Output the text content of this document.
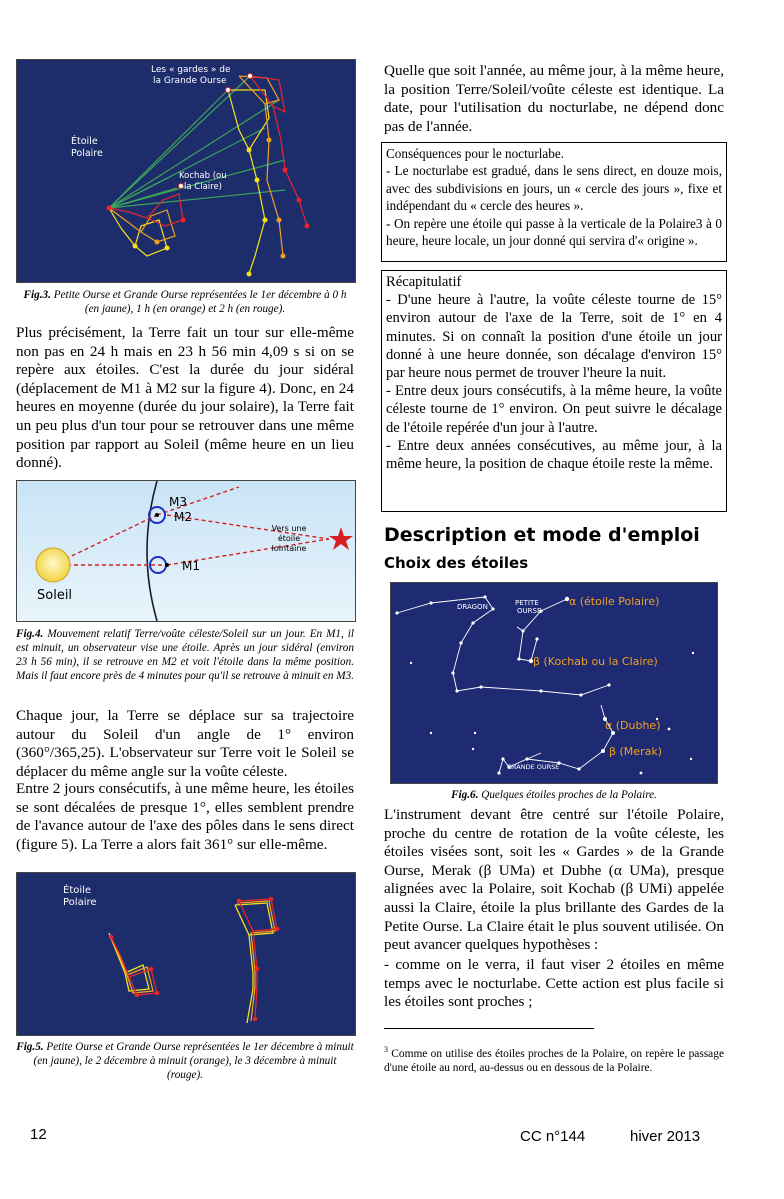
Les « gardes » de
la Grande Ourse
Étoile
Polaire
Kochab (ou
la Claire)

Fig.3. Petite Ourse et Grande Ourse représentées le 1er décembre à 0 h (en jaune), 1 h (en orange) et 2 h (en rouge).

Plus précisément, la Terre fait un tour sur elle-même non pas en 24 h mais en 23 h 56 min 4,09 s si on se repère aux étoiles. C'est la durée du jour sidéral (déplacement de M1 à M2 sur la figure 4). Donc, en 24 heures en moyenne (durée du jour solaire), la Terre fait un peu plus d'un tour pour se retrouver dans une même position par rapport au Soleil (même heure en un lieu donné).

Soleil
M3
M2
M1
Vers une
étoile
lointaine

Fig.4. Mouvement relatif Terre/voûte céleste/Soleil sur un jour. En M1, il est minuit, un observateur vise une étoile. Après un jour sidéral (environ 23 h 56 min), il se retrouve en M2 et voit l'étoile dans la même position. Mais il faut encore près de 4 minutes pour qu'il se retrouve à minuit en M3.

Chaque jour, la Terre se déplace sur sa trajectoire autour du Soleil d'un angle de 1° environ (360°/365,25). L'observateur sur Terre voit le Soleil se déplacer du même angle sur la voûte céleste.

Entre 2 jours consécutifs, à une même heure, les étoiles se sont décalées de presque 1°, elles semblent prendre de l'avance autour de l'axe des pôles dans le sens direct (figure 5). La Terre a alors fait 361° sur elle-même.

Étoile
Polaire

Fig.5. Petite Ourse et Grande Ourse représentées le 1er décembre à minuit (en jaune), le 2 décembre à minuit (orange), le 3 décembre à minuit (rouge).

Quelle que soit l'année, au même jour, à la même heure, la position Terre/Soleil/voûte céleste est identique. La date, pour l'utilisation du nocturlabe, ne dépend donc pas de l'année.

Conséquences pour le nocturlabe.

- Le nocturlabe est gradué, dans le sens direct, en douze mois, avec des subdivisions en jours, un « cercle des jours », fixe et indépendant du « cercle des heures ».

- On repère une étoile qui passe à la verticale de la Polaire3 à 0 heure, heure locale, un jour donné qui servira d'« origine ».

Récapitulatif

- D'une heure à l'autre, la voûte céleste tourne de 15° environ autour de l'axe de la Terre, soit de 1° en 4 minutes. Si on connaît la position d'une étoile un jour donné à une heure donnée, son décalage d'environ 15° par heure nous permet de trouver l'heure la nuit.

- Entre deux jours consécutifs, à la même heure, la voûte céleste tourne de 1° environ. On peut suivre le décalage de l'étoile repérée d'un jour à l'autre.

- Entre deux années consécutives, au même jour, à la même heure, la position de chaque étoile reste la même.

Description et mode d'emploi
Choix des étoiles
DRAGON	PETITE
OURSE
α (étoile Polaire)
β (Kochab ou la Claire)
α (Dubhe)
β (Merak)
GRANDE OURSE

Fig.6. Quelques étoiles proches de la Polaire.

L'instrument devant être centré sur l'étoile Polaire, proche du centre de rotation de la voûte céleste, les étoiles visées sont, soit les « Gardes » de la Grande Ourse, Merak (β UMa) et Dubhe (α UMa), presque alignées avec la Polaire, soit Kochab (β UMi) appelée aussi la Claire, étoile la plus brillante des Gardes de la Petite Ourse. La Claire était le plus souvent utilisée. On peut avancer quelques hypothèses :

- comme on le verra, il faut viser 2 étoiles en même temps avec le nocturlabe. Cette action est plus facile si les étoiles sont proches ;

$^3$ Comme on utilise des étoiles proches de la Polaire, on repère le passage d'une étoile au nord, au-dessus ou en dessous de la Polaire.

12	CC n°144	hiver 2013
